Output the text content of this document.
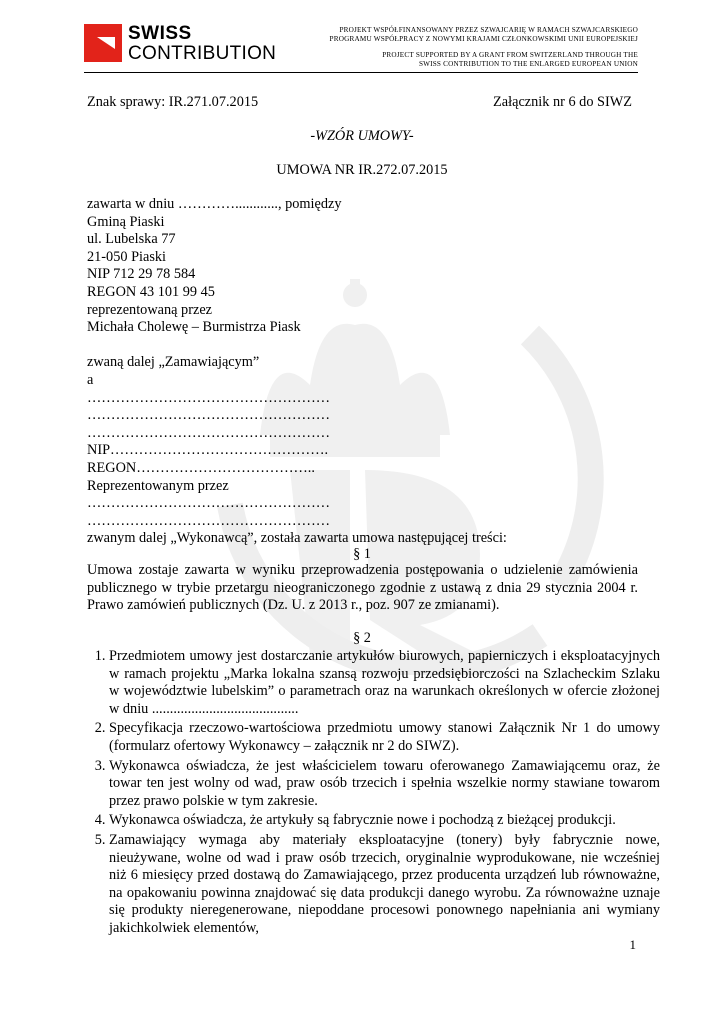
SWISS
CONTRIBUTION

PROJEKT WSPÓŁFINANSOWANY PRZEZ SZWAJCARIĘ W RAMACH SZWAJCARSKIEGO

PROGRAMU WSPÓŁPRACY Z NOWYMI KRAJAMI CZŁONKOWSKIMI UNII EUROPEJSKIEJ

PROJECT SUPPORTED BY A GRANT FROM SWITZERLAND THROUGH THE

SWISS CONTRIBUTION TO THE ENLARGED EUROPEAN UNION

Znak sprawy: IR.271.07.2015	Załącznik nr 6 do SIWZ
-WZÓR UMOWY-
UMOWA NR IR.272.07.2015
zawarta w dniu …………............, pomiędzy
Gminą Piaski
ul. Lubelska 77
21-050 Piaski
NIP 712 29 78 584
REGON 43 101 99 45
reprezentowaną przez
Michała Cholewę – Burmistrza Piask
zwaną dalej „Zamawiającym”
a
……………………………………………
……………………………………………
……………………………………………
NIP……………………………………….
REGON………………………………..
Reprezentowanym przez
……………………………………………
……………………………………………
zwanym dalej „Wykonawcą”, została zawarta umowa następującej treści:
§ 1
Umowa zostaje zawarta w wyniku przeprowadzenia postępowania o udzielenie zamówienia publicznego w trybie przetargu nieograniczonego zgodnie z ustawą z dnia 29 stycznia 2004 r. Prawo zamówień publicznych (Dz. U. z 2013 r., poz. 907 ze zmianami).
§ 2
1. Przedmiotem umowy jest dostarczanie artykułów biurowych, papierniczych i eksploatacyjnych w ramach projektu „Marka lokalna szansą rozwoju przedsiębiorczości na Szlacheckim Szlaku w województwie lubelskim” o parametrach oraz na warunkach określonych w ofercie złożonej w dniu .........................................
2. Specyfikacja rzeczowo-wartościowa przedmiotu umowy stanowi Załącznik Nr 1 do umowy (formularz ofertowy Wykonawcy – załącznik nr 2 do SIWZ).
3. Wykonawca oświadcza, że jest właścicielem towaru oferowanego Zamawiającemu oraz, że towar ten jest wolny od wad, praw osób trzecich i spełnia wszelkie normy stawiane towarom przez prawo polskie w tym zakresie.
4. Wykonawca oświadcza, że artykuły są fabrycznie nowe i pochodzą z bieżącej produkcji.
5. Zamawiający wymaga aby materiały eksploatacyjne (tonery) były fabrycznie nowe, nieużywane, wolne od wad i praw osób trzecich, oryginalnie wyprodukowane, nie wcześniej niż 6 miesięcy przed dostawą do Zamawiającego, przez producenta urządzeń lub równoważne, na opakowaniu powinna znajdować się data produkcji danego wyrobu. Za równoważne uznaje się produkty nieregenerowane, niepoddane procesowi ponownego napełniania ani wymiany jakichkolwiek elementów,
1
